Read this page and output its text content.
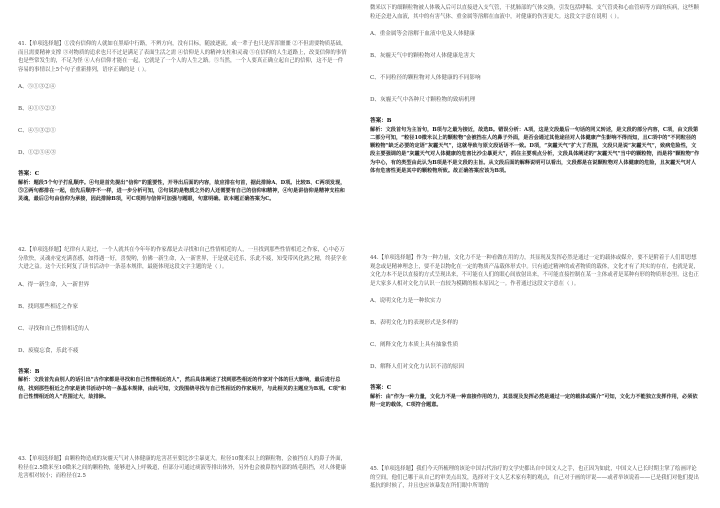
41.【单项选择题】①没有信仰的人就如在黑暗中行路，不辨方向，没有目标，随波逐流，或一辈子也只是浑浑噩噩 ②不但需要物质基础，而且需要精神支撑 ③对物质的追求也只不过是满足了表面生活之需 ④信仰是人的精神支柱和灵魂 ⑤在信仰的人生道路上，改变信仰的事情也是些常发生的，不足为怪 ⑥人有信仰才能在一起，它就是了一个人的人生之路。⑤当然，一个人要真正确立起自己的信仰，这不是一件容易的事情以上5个句子重新排列，语序正确的是（ ）。

A、⑤①③②④

B、④①⑤②③

C、④⑤③②①

D、①②⑤④③

答案：C

解析：题段5个句子打乱顺序。④句是首先提出“信仰”的重要性，开导出后面的内容，故应排在句首，据此排除A、D项。比较B、C两项发现，⑤②两句都排在一起，但先后顺序不一样，进一步分析可知，②句说的是物质之外的人还需要有自己的信仰和精神，④句是讲信仰是精神支柱和灵魂，最后②句由信仰为承接，因此排除B项，可C项则与信仰可加强与题眼，句意明确。故本题正确答案为C。

42.【单项选择题】纪律有人说过，一个人就其在今年年的作家都是去寻找和自己性情相近的人，一旦找到那些性情相近之作家，心中必万分欣快，灵魂亦觉充满喜感，如得遇一好，喜悦哟，仿佛一新生命，入一新世界，于是就走近乐，乐此不疲，知受带风化熟之精，终获学业大进之益。这个天长阿复了读书活动中一条基本规律，最能体现这段文字主题的是（ ）。

A、得一新生命，入一新世界

B、找到那些相近之作家

C、寻找和自己性情相近的人

D、废寝忘食，乐此不疲

答案：B

解析：文段首先由别人的话引出“古作家都是寻找和自己性情相近的人”，然后具体阐述了找到那些相近的作家对个体的巨大影响，最后进行总结，找到那些相近之作家是读书活动中的一条基本规律，由此可知，文段围绕寻找与自己性相近的作家展开，与此相关的主题应为B项。C项“和自己性情相近的人”范围过大，故排除。

43.【单项选择题】由颗粒物造成的灰霾天气对人体健康的危害甚至要比沙尘暴更大。粒径10微米以上的颗粒物，会被挡在人的鼻子外面，粒径在2.5微米至10微米之间的颗粒物，能够进入上呼吸道，但部分可通过痰液等排出体外，另外也会被鼻腔内部的绒毛阻挡，对人体健康危害相对较小；而粒径在2.5

微米以下的细颗粒物被人体吸入后可以直接进入支气管，干扰肺部的气体交换，引发包括哮喘、支气管炎和心血管病等方面的疾病，这些颗粒还会进入血液，其中的有害气体、重金属等溶解在血液中，对健康的伤害更大。这段文字意在说明（ ）。

A、重金属等会溶解于血液中危及人体健康

B、灰霾天气中的颗粒物对人体健康危害大

C、不同粒径的颗粒物对人体健康的不同影响

D、灰霾天气中各种尺寸颗粒物的致病机理

答案：B

解析：文段首句为主旨句，B项与之最为接近，故选B。错误分析：A项，这是文段最后一句话的同义转述，是文段的部分内容，C项，由文段第二部分可知，“粒径10微米以上的颗粒物”会被挡在人的鼻子外面，是否会通过其他途径对人体健康产生影响不得而知，且C项中的“不同粒径的颗粒物”缺乏必要的定语“灰霾天气”，这就导致与原文段话语不一致。D项，“灰霾天气”扩大了范围，文段只是说“灰霾天气”，致病危险性，文段主要强调的是“灰霾天气对人体健康的危害比沙尘暴更大”，抓住主要观点分析，文段具体阐述的“灰霾天气”当中的颗粒物，而是将“颗粒物”作为中心，有的类型由此认为B项是不是文段的主旨。从文段后面的解释说明可以看出，文段都是在说颗粒物对人体健康的危险，且灰霾天气对人体有危害性更是其中的颗粒物所致。故正确答案应该为B项。

44.【单项选择题】作为一种力量，文化力不是一种看做在用的力，其显现及发挥必然是通过一定的载体或媒介，要不是附着于人们即思想观念或是精神理念上，要不是以物化在一定的物质产品载体形式中。只有通过精神的或者物质的载体，文化才有了其实的存在，也就是说，文化力本不是以直接的方式呈现出来，不可能在人们的眼心间放射出来，不可能直接控制在某一主体或者是某种有形的物质形态里。这也正是大家多人相对文化力认识一直较为模糊的根本原因之一。作者通过这段文字意在（ ）。

A、说明文化力是一种软实力

B、表明文化力的表现形式是多样的

C、阐释文化力本质上具有抽象性质

D、解释人们对文化力认识不清的原因

答案：C

解析：由“作为一种力量，文化力不是一种直接作用的力，其显现及发挥必然是通过一定的载体或媒介”可知，文化力不能独立发挥作用，必须依附一定的载体，C项符合题意。

45.【单项选择题】我们今天所梳理的该论中国古代治疗的文学史都出自中国文人之手，也正因为如此，中国文人已长时期主掌了绘画评论的空间，他们已哪于从自己的审美点出发，选择对于文人艺术家有利的观点，自己对于画的评说——或者举该说着——已是我们对他们提出抵抗的时候了，并且也应该暴发在所们眼中所谓的
